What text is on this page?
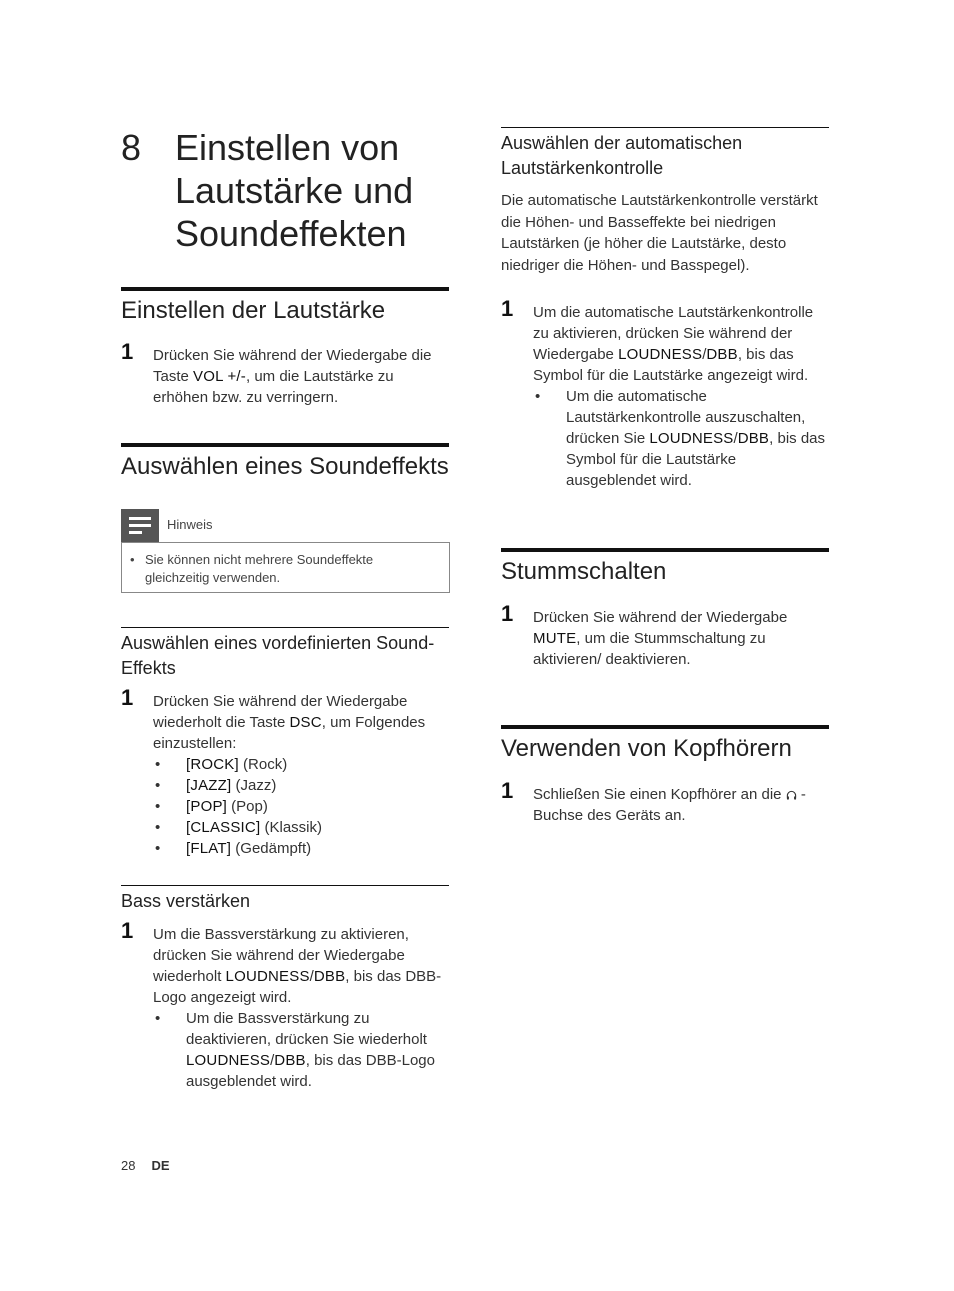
8 Einstellen von Lautstärke und Soundeffekten
Einstellen der Lautstärke
1 Drücken Sie während der Wiedergabe die Taste VOL +/-, um die Lautstärke zu erhöhen bzw. zu verringern.
Auswählen eines Soundeffekts
Hinweis
• Sie können nicht mehrere Soundeffekte gleichzeitig verwenden.
Auswählen eines vordefinierten Sound-Effekts
1 Drücken Sie während der Wiedergabe wiederholt die Taste DSC, um Folgendes einzustellen:
• [ROCK] (Rock)
• [JAZZ] (Jazz)
• [POP] (Pop)
• [CLASSIC] (Klassik)
• [FLAT] (Gedämpft)
Bass verstärken
1 Um die Bassverstärkung zu aktivieren, drücken Sie während der Wiedergabe wiederholt LOUDNESS/DBB, bis das DBB-Logo angezeigt wird.
• Um die Bassverstärkung zu deaktivieren, drücken Sie wiederholt LOUDNESS/DBB, bis das DBB-Logo ausgeblendet wird.
Auswählen der automatischen Lautstärkenkontrolle
Die automatische Lautstärkenkontrolle verstärkt die Höhen- und Basseffekte bei niedrigen Lautstärken (je höher die Lautstärke, desto niedriger die Höhen- und Basspegel).
1 Um die automatische Lautstärkenkontrolle zu aktivieren, drücken Sie während der Wiedergabe LOUDNESS/DBB, bis das Symbol für die Lautstärke angezeigt wird.
• Um die automatische Lautstärkenkontrolle auszuschalten, drücken Sie LOUDNESS/DBB, bis das Symbol für die Lautstärke ausgeblendet wird.
Stummschalten
1 Drücken Sie während der Wiedergabe MUTE, um die Stummschaltung zu aktivieren/ deaktivieren.
Verwenden von Kopfhörern
1 Schließen Sie einen Kopfhörer an die  -Buchse des Geräts an.
28 DE
